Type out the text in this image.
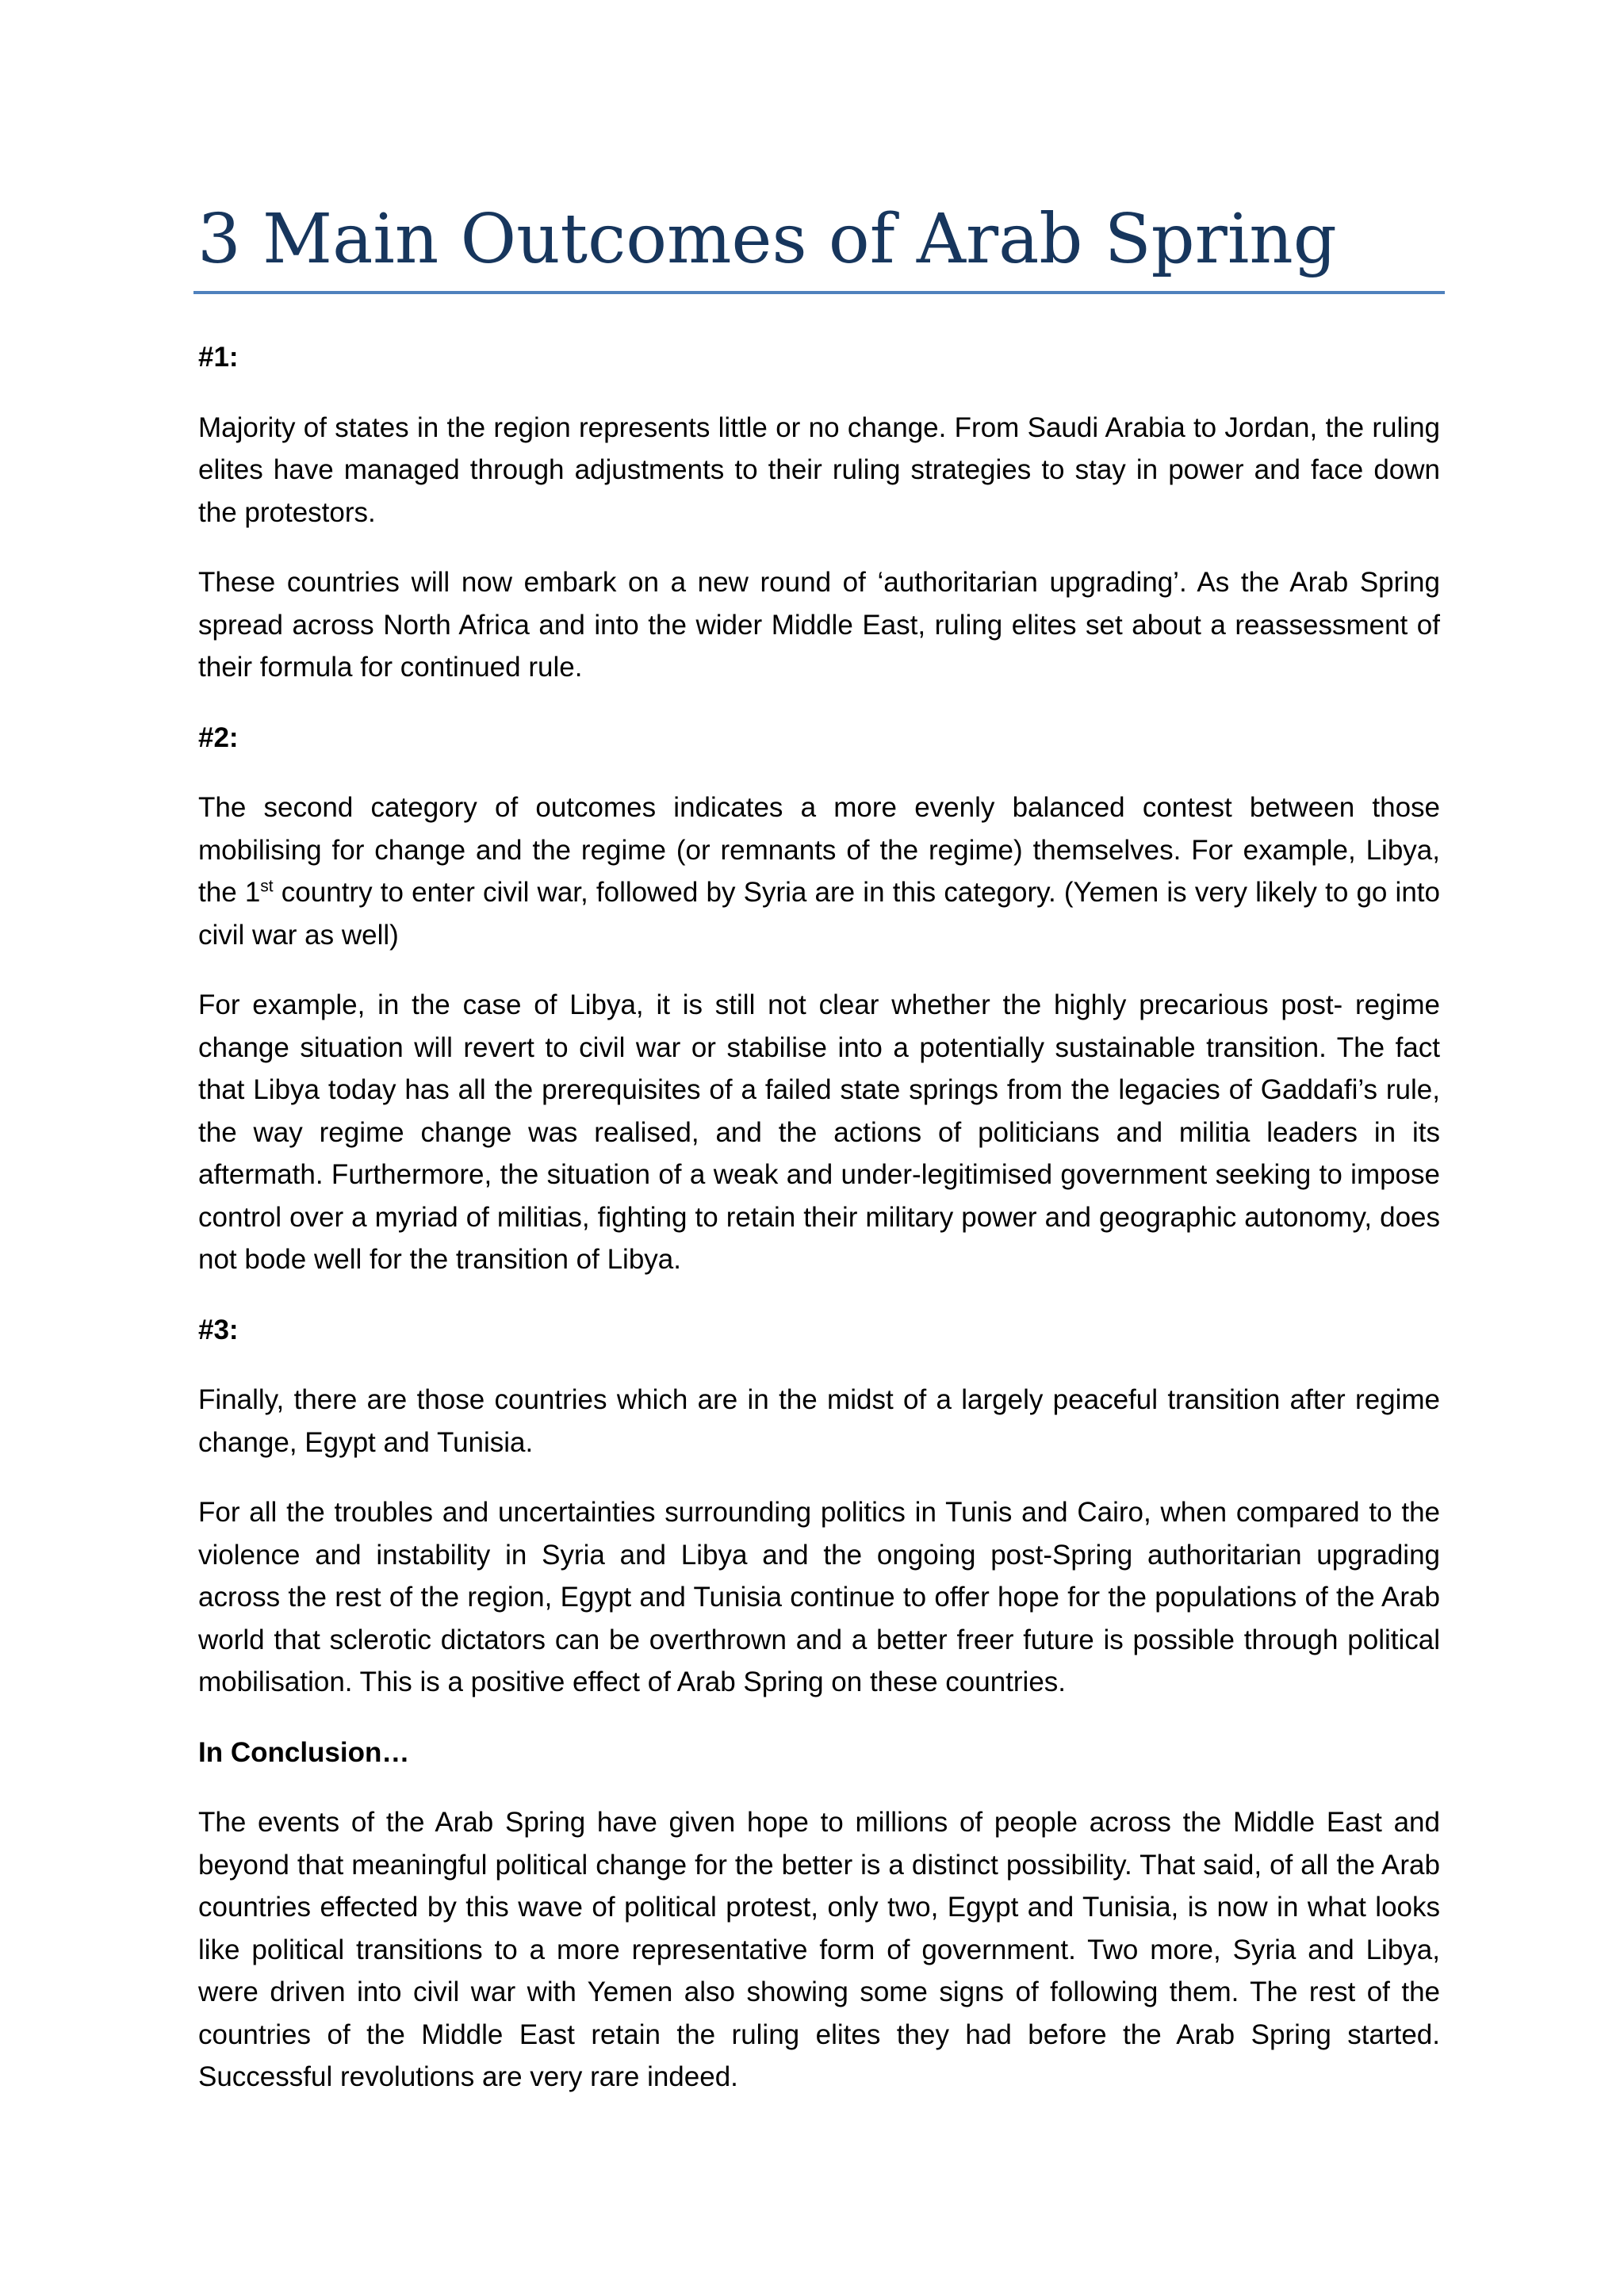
3 Main Outcomes of Arab Spring

#1:

Majority of states in the region represents little or no change. From Saudi Arabia to Jordan, the ruling elites have managed through adjustments to their ruling strategies to stay in power and face down the protestors.

These countries will now embark on a new round of ‘authoritarian upgrading’. As the Arab Spring spread across North Africa and into the wider Middle East, ruling elites set about a reassessment of their formula for continued rule.

#2:

The second category of outcomes indicates a more evenly balanced contest between those mobilising for change and the regime (or remnants of the regime) themselves. For example, Libya, the 1st country to enter civil war, followed by Syria are in this category. (Yemen is very likely to go into civil war as well)

For example, in the case of Libya, it is still not clear whether the highly precarious post- regime change situation will revert to civil war or stabilise into a potentially sustainable transition. The fact that Libya today has all the prerequisites of a failed state springs from the legacies of Gaddafi’s rule, the way regime change was realised, and the actions of politicians and militia leaders in its aftermath. Furthermore, the situation of a weak and under-legitimised government seeking to impose control over a myriad of militias, fighting to retain their military power and geographic autonomy, does not bode well for the transition of Libya.

#3:

Finally, there are those countries which are in the midst of a largely peaceful transition after regime change, Egypt and Tunisia.

For all the troubles and uncertainties surrounding politics in Tunis and Cairo, when compared to the violence and instability in Syria and Libya and the ongoing post-Spring authoritarian upgrading across the rest of the region, Egypt and Tunisia continue to offer hope for the populations of the Arab world that sclerotic dictators can be overthrown and a better freer future is possible through political mobilisation. This is a positive effect of Arab Spring on these countries.

In Conclusion…

The events of the Arab Spring have given hope to millions of people across the Middle East and beyond that meaningful political change for the better is a distinct possibility. That said, of all the Arab countries effected by this wave of political protest, only two, Egypt and Tunisia, is now in what looks like political transitions to a more representative form of government. Two more, Syria and Libya, were driven into civil war with Yemen also showing some signs of following them. The rest of the countries of the Middle East retain the ruling elites they had before the Arab Spring started. Successful revolutions are very rare indeed.
